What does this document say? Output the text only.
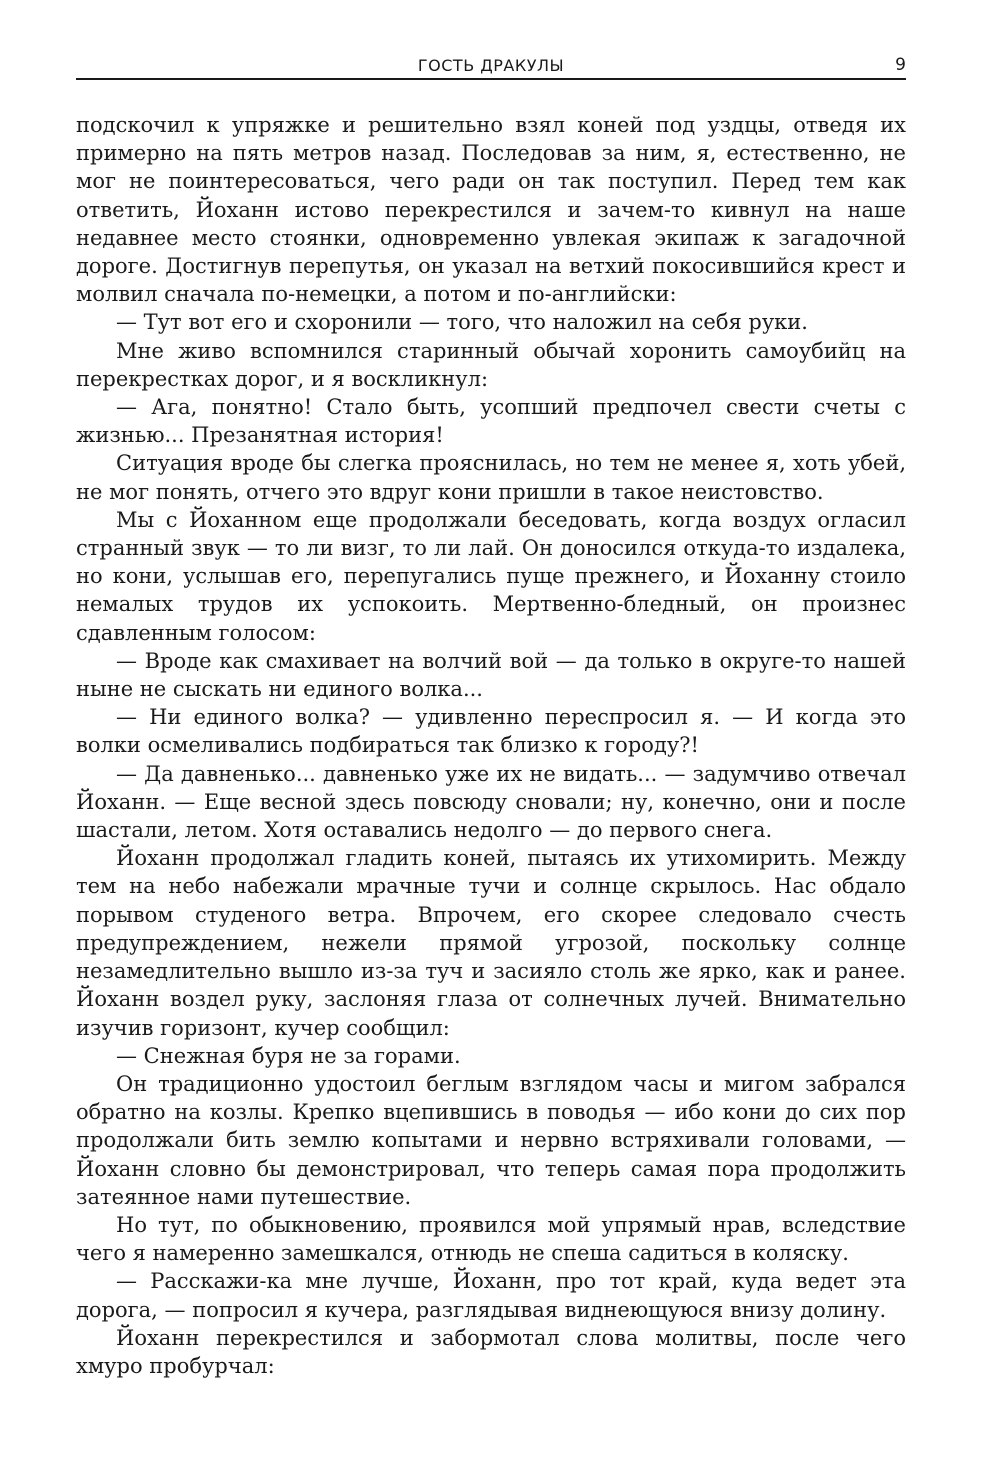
ГОСТЬ ДРАКУЛЫ	9

подскочил к упряжке и решительно взял коней под уздцы, отведя их примерно на пять метров назад. Последовав за ним, я, естественно, не мог не поинтересоваться, чего ради он так поступил. Перед тем как ответить, Йоханн истово перекрестился и зачем-то кивнул на наше недавнее место стоянки, одновременно увлекая экипаж к загадочной дороге. Достигнув перепутья, он указал на ветхий покосившийся крест и молвил сначала по-немецки, а потом и по-английски:

— Тут вот его и схоронили — того, что наложил на себя руки.

Мне живо вспомнился старинный обычай хоронить самоубийц на перекрестках дорог, и я воскликнул:

— Ага, понятно! Стало быть, усопший предпочел свести счеты с жизнью... Презанятная история!

Ситуация вроде бы слегка прояснилась, но тем не менее я, хоть убей, не мог понять, отчего это вдруг кони пришли в такое неистовство.

Мы с Йоханном еще продолжали беседовать, когда воздух огласил странный звук — то ли визг, то ли лай. Он доносился откуда-то издалека, но кони, услышав его, перепугались пуще прежнего, и Йоханну стоило немалых трудов их успокоить. Мертвенно-бледный, он произнес сдавленным голосом:

— Вроде как смахивает на волчий вой — да только в округе-то нашей ныне не сыскать ни единого волка...

— Ни единого волка? — удивленно переспросил я. — И когда это волки осмеливались подбираться так близко к городу?!

— Да давненько... давненько уже их не видать... — задумчиво отвечал Йоханн. — Еще весной здесь повсюду сновали; ну, конечно, они и после шастали, летом. Хотя оставались недолго — до первого снега.

Йоханн продолжал гладить коней, пытаясь их утихомирить. Между тем на небо набежали мрачные тучи и солнце скрылось. Нас обдало порывом студеного ветра. Впрочем, его скорее следовало счесть предупреждением, нежели прямой угрозой, поскольку солнце незамедлительно вышло из-за туч и засияло столь же ярко, как и ранее. Йоханн воздел руку, заслоняя глаза от солнечных лучей. Внимательно изучив горизонт, кучер сообщил:

— Снежная буря не за горами.

Он традиционно удостоил беглым взглядом часы и мигом забрался обратно на козлы. Крепко вцепившись в поводья — ибо кони до сих пор продолжали бить землю копытами и нервно встряхивали головами, — Йоханн словно бы демонстрировал, что теперь самая пора продолжить затеянное нами путешествие.

Но тут, по обыкновению, проявился мой упрямый нрав, вследствие чего я намеренно замешкался, отнюдь не спеша садиться в коляску.

— Расскажи-ка мне лучше, Йоханн, про тот край, куда ведет эта дорога, — попросил я кучера, разглядывая виднеющуюся внизу долину.

Йоханн перекрестился и забормотал слова молитвы, после чего хмуро пробурчал:
